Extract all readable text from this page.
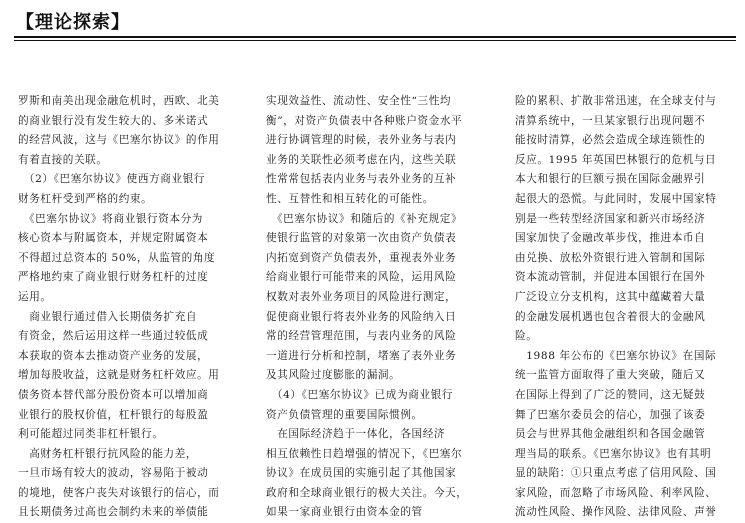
【理论探索】
罗斯和南美出现金融危机时，西欧、北美
的商业银行没有发生较大的、多米诺式
的经营风波，这与《巴塞尔协议》的作用
有着直接的关联。
　（2）《巴塞尔协议》使西方商业银行
财务杠杆受到严格的约束。
　《巴塞尔协议》将商业银行资本分为
核心资本与附属资本，并规定附属资本
不得超过总资本的 50%，从监管的角度
严格地约束了商业银行财务杠杆的过度
运用。
　商业银行通过借入长期债务扩充自
有资金，然后运用这样一些通过较低成
本获取的资本去推动资产业务的发展，
增加每股收益，这就是财务杠杆效应。用
债务资本替代部分股份资本可以增加商
业银行的股权价值，杠杆银行的每股盈
利可能超过同类非杠杆银行。
　高财务杠杆银行抗风险的能力差，
一旦市场有较大的波动，容易陷于被动
的境地，使客户丧失对该银行的信心，而
且长期债务过高也会制约未来的举债能
实现效益性、流动性、安全性“三性均
衡”，对资产负债表中各种账户资金水平
进行协调管理的时候，表外业务与表内
业务的关联性必须考虑在内，这些关联
性常常包括表内业务与表外业务的互补
性、互替性和相互转化的可能性。
　《巴塞尔协议》和随后的《补充规定》
使银行监管的对象第一次由资产负债表
内拓宽到资产负债表外，重视表外业务
给商业银行可能带来的风险，运用风险
权数对表外业务项目的风险进行测定，
促使商业银行将表外业务的风险纳入日
常的经营管理范围，与表内业务的风险
一道进行分析和控制，堵塞了表外业务
及其风险过度膨胀的漏洞。
　（4）《巴塞尔协议》已成为商业银行
资产负债管理的重要国际惯例。
　在国际经济趋于一体化，各国经济
相互依赖性日趋增强的情况下，《巴塞尔
协议》在成员国的实施引起了其他国家
政府和全球商业银行的极大关注。今天，
如果一家商业银行由资本金的管
险的累积、扩散非常迅速，在全球支付与
清算系统中，一旦某家银行出现问题不
能按时清算，必然会造成全球连锁性的
反应。1995 年英国巴林银行的危机与日
本大和银行的巨额亏损在国际金融界引
起很大的恐慌。与此同时，发展中国家特
别是一些转型经济国家和新兴市场经济
国家加快了金融改革步伐，推进本币自
由兑换、放松外资银行进入管制和国际
资本流动管制，并促进本国银行在国外
广泛设立分支机构，这其中蕴藏着大量
的金融发展机遇也包含着很大的金融风
险。
　1988 年公布的《巴塞尔协议》在国际
统一监管方面取得了重大突破，随后又
在国际上得到了广泛的赞同，这无疑鼓
舞了巴塞尔委员会的信心，加强了该委
员会与世界其他金融组织和各国金融管
理当局的联系。《巴塞尔协议》也有其明
显的缺陷：①只重点考虑了信用风险、国
家风险，而忽略了市场风险、利率风险、
流动性风险、操作风险、法律风险、声誉
